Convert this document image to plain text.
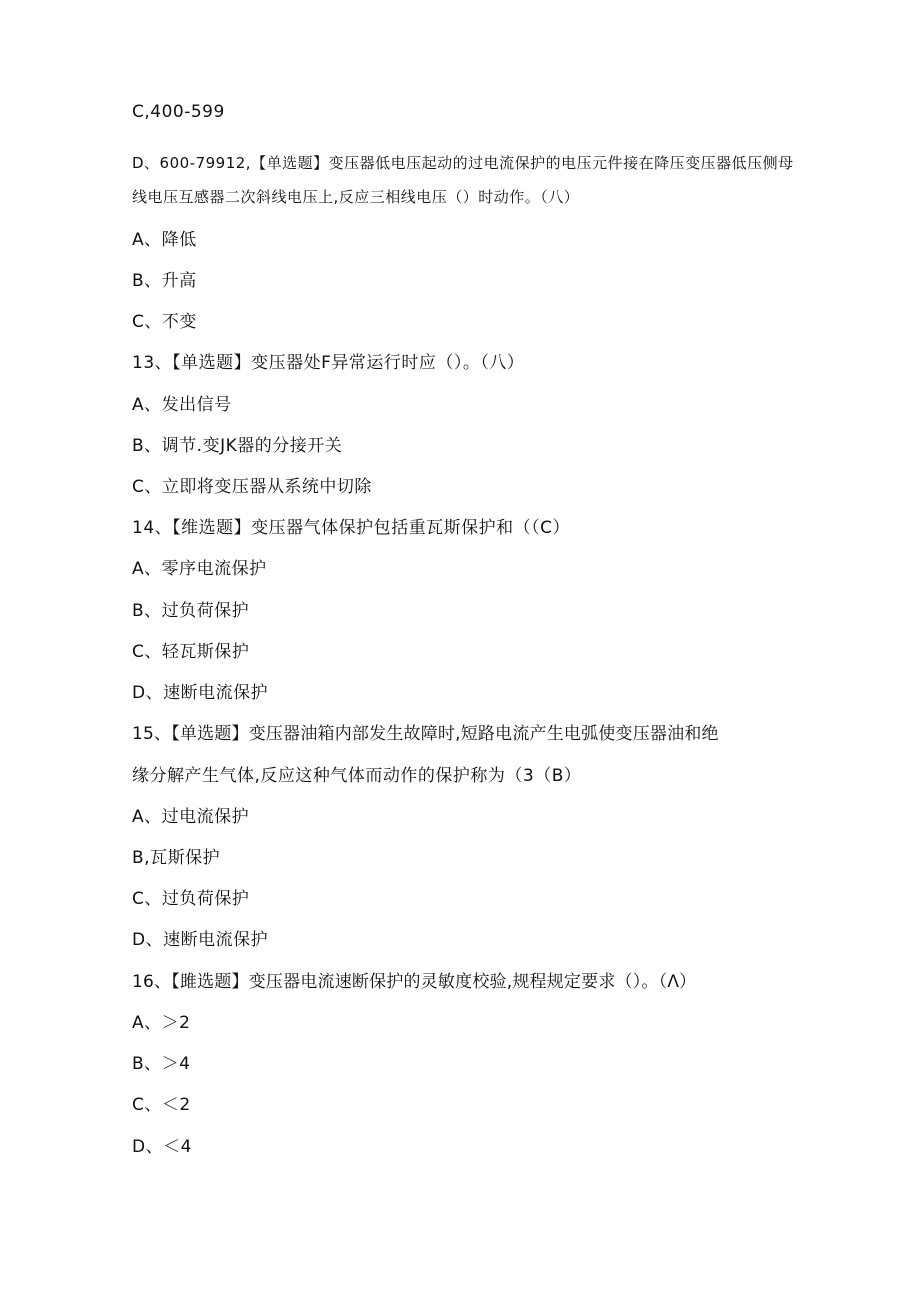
C,400-599
D、600-79912,【单选题】变压器低电压起动的过电流保护的电压元件接在降压变压器低压侧母
线电压互感器二次斜线电压上,反应三相线电压（）时动作。（八）
A、降低
B、升高
C、不变
13、【单选题】变压器处F异常运行时应（）。（八）
A、发出信号
B、调节.变JK器的分接开关
C、立即将变压器从系统中切除
14、【维选题】变压器气体保护包括重瓦斯保护和（（C）
A、零序电流保护
B、过负荷保护
C、轻瓦斯保护
D、速断电流保护
15、【单选题】变压器油箱内部发生故障时,短路电流产生电弧使变压器油和绝
缘分解产生气体,反应这种气体而动作的保护称为（3（B）
A、过电流保护
B,瓦斯保护
C、过负荷保护
D、速断电流保护
16、【雎选题】变压器电流速断保护的灵敏度校验,规程规定要求（）。（Λ）
A、＞2
B、＞4
C、＜2
D、＜4
